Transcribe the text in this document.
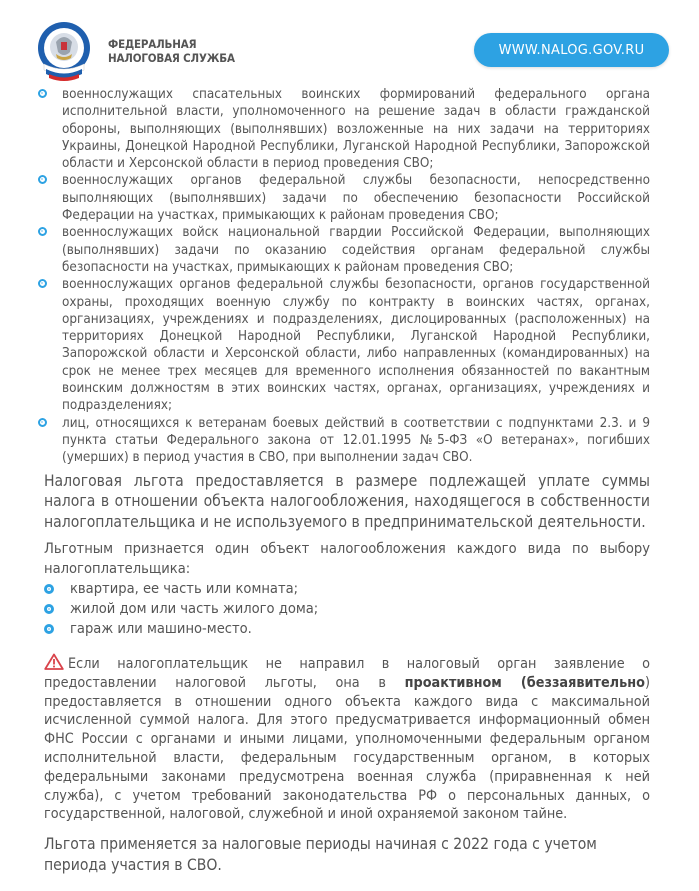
ФЕДЕРАЛЬНАЯ
НАЛОГОВАЯ СЛУЖБА
WWW.NALOG.GOV.RU
военнослужащих спасательных воинских формирований федерального органа исполнительной власти, уполномоченного на решение задач в области гражданской обороны, выполняющих (выполнявших) возложенные на них задачи на территориях Украины, Донецкой Народной Республики, Луганской Народной Республики, Запорожской области и Херсонской области в период проведения СВО;
военнослужащих органов федеральной службы безопасности, непосредственно выполняющих (выполнявших) задачи по обеспечению безопасности Российской Федерации на участках, примыкающих к районам проведения СВО;
военнослужащих войск национальной гвардии Российской Федерации, выполняющих (выполнявших) задачи по оказанию содействия органам федеральной службы безопасности на участках, примыкающих к районам проведения СВО;
военнослужащих органов федеральной службы безопасности, органов государственной охраны, проходящих военную службу по контракту в воинских частях, органах, организациях, учреждениях и подразделениях, дислоцированных (расположенных) на территориях Донецкой Народной Республики, Луганской Народной Республики, Запорожской области и Херсонской области, либо направленных (командированных) на срок не менее трех месяцев для временного исполнения обязанностей по вакантным воинским должностям в этих воинских частях, органах, организациях, учреждениях и подразделениях;
лиц, относящихся к ветеранам боевых действий в соответствии с подпунктами 2.3. и 9 пункта статьи Федерального закона от 12.01.1995 №5-ФЗ «О ветеранах», погибших (умерших) в период участия в СВО, при выполнении задач СВО.

Налоговая льгота предоставляется в размере подлежащей уплате суммы налога в отношении объекта налогообложения, находящегося в собственности налогоплательщика и не используемого в предпринимательской деятельности.

Льготным признается один объект налогообложения каждого вида по выбору налогоплательщика:

квартира, ее часть или комната;
жилой дом или часть жилого дома;
гараж или машино-место.

Если налогоплательщик не направил в налоговый орган заявление о предоставлении налоговой льготы, она в проактивном (беззаявительно) предоставляется в отношении одного объекта каждого вида с максимальной исчисленной суммой налога. Для этого предусматривается информационный обмен ФНС России с органами и иными лицами, уполномоченными федеральным органом исполнительной власти, федеральным государственным органом, в которых федеральными законами предусмотрена военная служба (приравненная к ней служба), с учетом требований законодательства РФ о персональных данных, о государственной, налоговой, служебной и иной охраняемой законом тайне.

Льгота применяется за налоговые периоды начиная с 2022 года с учетом периода участия в СВО.
